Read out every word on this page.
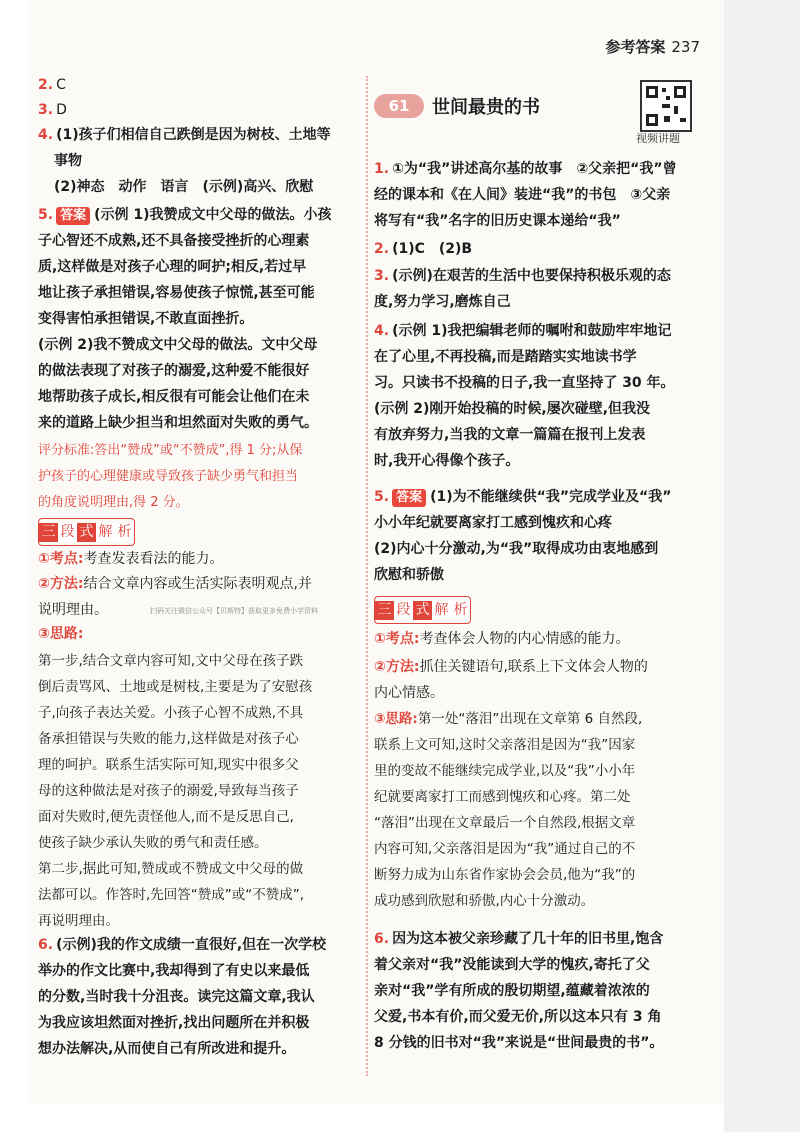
参考答案 237
2. C
3. D
4. (1)孩子们相信自己跌倒是因为树枝、土地等
事物
(2)神态　动作　语言　(示例)高兴、欣慰
5. 答案 (示例 1)我赞成文中父母的做法。小孩
子心智还不成熟,还不具备接受挫折的心理素
质,这样做是对孩子心理的呵护;相反,若过早
地让孩子承担错误,容易使孩子惊慌,甚至可能
变得害怕承担错误,不敢直面挫折。
(示例 2)我不赞成文中父母的做法。文中父母
的做法表现了对孩子的溺爱,这种爱不能很好
地帮助孩子成长,相反很有可能会让他们在未
来的道路上缺少担当和坦然面对失败的勇气。
评分标准:答出“赞成”或“不赞成”,得 1 分;从保
护孩子的心理健康或导致孩子缺少勇气和担当
的角度说明理由,得 2 分。
三 段 式 解 析
①考点:考查发表看法的能力。
②方法:结合文章内容或生活实际表明观点,并
说明理由。
③思路:
扫码关注微信公众号【贝斯特】获取更多免费小学资料
第一步,结合文章内容可知,文中父母在孩子跌
倒后责骂风、土地或是树枝,主要是为了安慰孩
子,向孩子表达关爱。小孩子心智不成熟,不具
备承担错误与失败的能力,这样做是对孩子心
理的呵护。联系生活实际可知,现实中很多父
母的这种做法是对孩子的溺爱,导致每当孩子
面对失败时,便先责怪他人,而不是反思自己,
使孩子缺少承认失败的勇气和责任感。
第二步,据此可知,赞成或不赞成文中父母的做
法都可以。作答时,先回答“赞成”或“不赞成”,
再说明理由。
6. (示例)我的作文成绩一直很好,但在一次学校
举办的作文比赛中,我却得到了有史以来最低
的分数,当时我十分沮丧。读完这篇文章,我认
为我应该坦然面对挫折,找出问题所在并积极
想办法解决,从而使自己有所改进和提升。
61	世间最贵的书
视频讲题
1. ①为“我”讲述高尔基的故事　②父亲把“我”曾
经的课本和《在人间》装进“我”的书包　③父亲
将写有“我”名字的旧历史课本递给“我”
2. (1)C　(2)B
3. (示例)在艰苦的生活中也要保持积极乐观的态
度,努力学习,磨炼自己
4. (示例 1)我把编辑老师的嘱咐和鼓励牢牢地记
在了心里,不再投稿,而是踏踏实实地读书学
习。只读书不投稿的日子,我一直坚持了 30 年。
(示例 2)刚开始投稿的时候,屡次碰壁,但我没
有放弃努力,当我的文章一篇篇在报刊上发表
时,我开心得像个孩子。
5. 答案 (1)为不能继续供“我”完成学业及“我”
小小年纪就要离家打工感到愧疚和心疼
(2)内心十分激动,为“我”取得成功由衷地感到
欣慰和骄傲
三 段 式 解 析
①考点:考查体会人物的内心情感的能力。
②方法:抓住关键语句,联系上下文体会人物的
内心情感。
③思路:第一处“落泪”出现在文章第 6 自然段,
联系上文可知,这时父亲落泪是因为“我”因家
里的变故不能继续完成学业,以及“我”小小年
纪就要离家打工而感到愧疚和心疼。第二处
“落泪”出现在文章最后一个自然段,根据文章
内容可知,父亲落泪是因为“我”通过自己的不
断努力成为山东省作家协会会员,他为“我”的
成功感到欣慰和骄傲,内心十分激动。
6. 因为这本被父亲珍藏了几十年的旧书里,饱含
着父亲对“我”没能读到大学的愧疚,寄托了父
亲对“我”学有所成的殷切期望,蕴藏着浓浓的
父爱,书本有价,而父爱无价,所以这本只有 3 角
8 分钱的旧书对“我”来说是“世间最贵的书”。
